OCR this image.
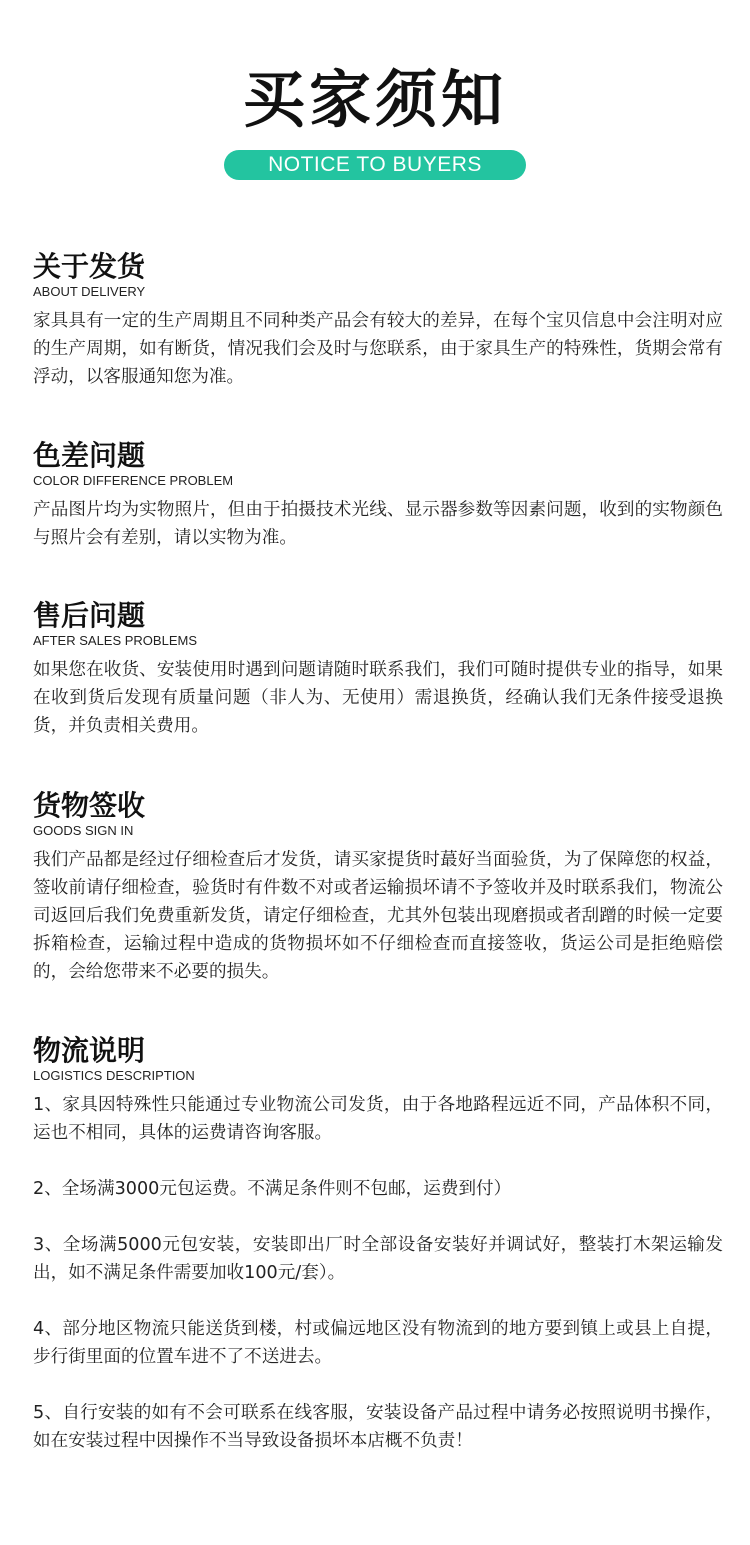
买家须知
NOTICE TO BUYERS
关于发货
ABOUT DELIVERY

家具具有一定的生产周期且不同种类产品会有较大的差异，在每个宝贝信息中会注明对应的生产周期，如有断货，情况我们会及时与您联系，由于家具生产的特殊性，货期会常有浮动，以客服通知您为准。

色差问题
COLOR DIFFERENCE PROBLEM

产品图片均为实物照片，但由于拍摄技术光线、显示器参数等因素问题，收到的实物颜色与照片会有差别，请以实物为准。

售后问题
AFTER SALES PROBLEMS

如果您在收货、安装使用时遇到问题请随时联系我们，我们可随时提供专业的指导，如果在收到货后发现有质量问题（非人为、无使用）需退换货，经确认我们无条件接受退换货，并负责相关费用。

货物签收
GOODS SIGN IN

我们产品都是经过仔细检查后才发货，请买家提货时蕞好当面验货，为了保障您的权益，签收前请仔细检查，验货时有件数不对或者运输损坏请不予签收并及时联系我们，物流公司返回后我们免费重新发货，请定仔细检查，尤其外包装出现磨损或者刮蹭的时候一定要拆箱检查，运输过程中造成的货物损坏如不仔细检查而直接签收，货运公司是拒绝赔偿的，会给您带来不必要的损失。

物流说明
LOGISTICS DESCRIPTION

1、家具因特殊性只能通过专业物流公司发货，由于各地路程远近不同，产品体积不同，运也不相同，具体的运费请咨询客服。

2、全场满3000元包运费。不满足条件则不包邮，运费到付）

3、全场满5000元包安装，安装即出厂时全部设备安装好并调试好，整装打木架运输发出，如不满足条件需要加收100元/套）。

4、部分地区物流只能送货到楼，村或偏远地区没有物流到的地方要到镇上或县上自提，步行街里面的位置车进不了不送进去。

5、自行安装的如有不会可联系在线客服，安装设备产品过程中请务必按照说明书操作，如在安装过程中因操作不当导致设备损坏本店概不负责！
